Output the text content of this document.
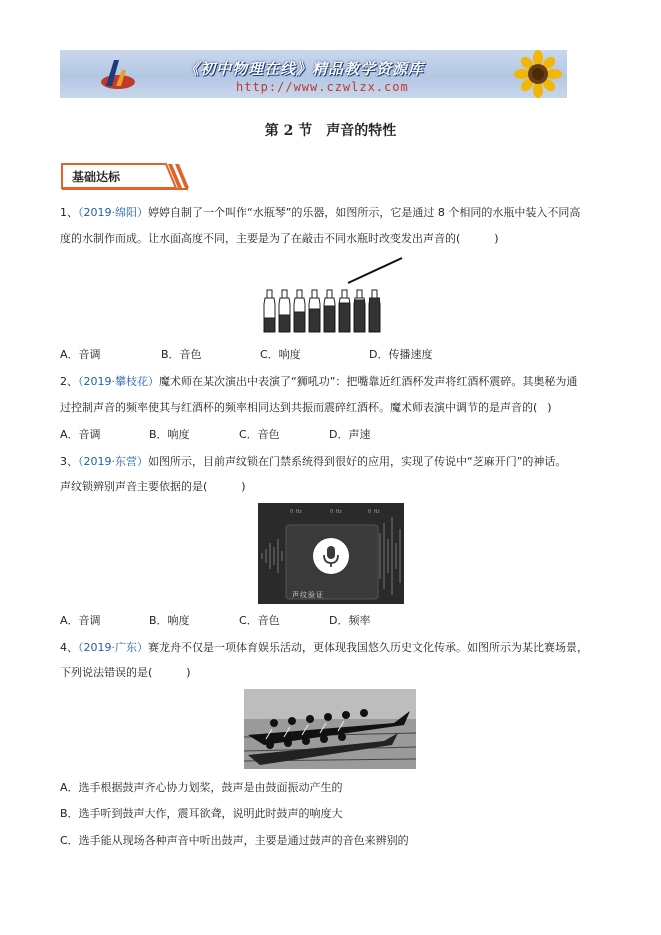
《初中物理在线》精品教学资源库
http://www.czwlzx.com
第 2 节 声音的特性
基础达标
1、（2019·绵阳）婷婷自制了一个叫作“水瓶琴”的乐器，如图所示，它是通过 8 个相同的水瓶中装入不同高
度的水制作而成。让水面高度不同，主要是为了在敲击不同水瓶时改变发出声音的(	)
A．音调	B．音色	C．响度	D．传播速度
2、（2019·攀枝花）魔术师在某次演出中表演了“狮吼功”：把嘴靠近红酒杯发声将红酒杯震碎。其奥秘为通
过控制声音的频率使其与红酒杯的频率相同达到共振而震碎红酒杯。魔术师表演中调节的是声音的( )
A．音调	B．响度	C．音色	D．声速
3、（2019·东营）如图所示，目前声纹锁在门禁系统得到很好的应用，实现了传说中“芝麻开门”的神话。
声纹锁辨别声音主要依据的是(	)
0 Hz	0 Hz	0 Hz
声纹验证
A．音调	B．响度	C．音色	D．频率
4、（2019·广东）赛龙舟不仅是一项体育娱乐活动，更体现我国悠久历史文化传承。如图所示为某比赛场景，
下列说法错误的是(	)
A．选手根据鼓声齐心协力划桨，鼓声是由鼓面振动产生的
B．选手听到鼓声大作，震耳欲聋，说明此时鼓声的响度大
C．选手能从现场各种声音中听出鼓声，主要是通过鼓声的音色来辨别的
